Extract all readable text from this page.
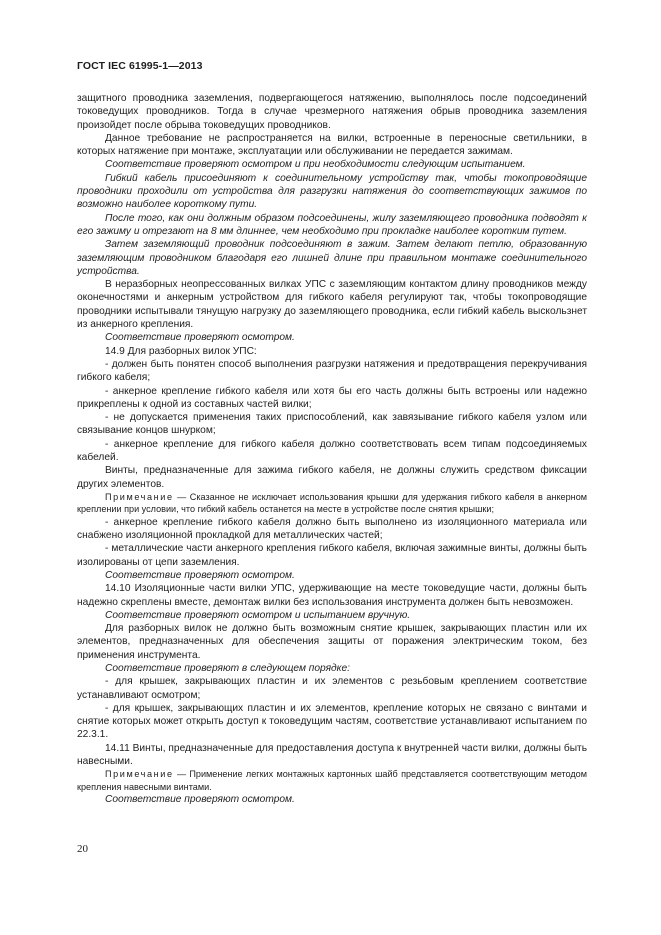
ГОСТ IEC 61995-1—2013

защитного проводника заземления, подвергающегося натяжению, выполнялось после подсоединений токоведущих проводников. Тогда в случае чрезмерного натяжения обрыв проводника заземления произойдет после обрыва токоведущих проводников.

Данное требование не распространяется на вилки, встроенные в переносные светильники, в которых натяжение при монтаже, эксплуатации или обслуживании не передается зажимам.

Соответствие проверяют осмотром и при необходимости следующим испытанием.

Гибкий кабель присоединяют к соединительному устройству так, чтобы токопроводящие проводники проходили от устройства для разгрузки натяжения до соответствующих зажимов по возможно наиболее короткому пути.

После того, как они должным образом подсоединены, жилу заземляющего проводника подводят к его зажиму и отрезают на 8 мм длиннее, чем необходимо при прокладке наиболее коротким путем.

Затем заземляющий проводник подсоединяют в зажим. Затем делают петлю, образованную заземляющим проводником благодаря его лишней длине при правильном монтаже соединительного устройства.

В неразборных неопрессованных вилках УПС с заземляющим контактом длину проводников между оконечностями и анкерным устройством для гибкого кабеля регулируют так, чтобы токопроводящие проводники испытывали тянущую нагрузку до заземляющего проводника, если гибкий кабель выскользнет из анкерного крепления.

Соответствие проверяют осмотром.

14.9 Для разборных вилок УПС:

- должен быть понятен способ выполнения разгрузки натяжения и предотвращения перекручивания гибкого кабеля;

- анкерное крепление гибкого кабеля или хотя бы его часть должны быть встроены или надежно прикреплены к одной из составных частей вилки;

- не допускается применения таких приспособлений, как завязывание гибкого кабеля узлом или связывание концов шнурком;

- анкерное крепление для гибкого кабеля должно соответствовать всем типам подсоединяемых кабелей.

Винты, предназначенные для зажима гибкого кабеля, не должны служить средством фиксации других элементов.

Примечание — Сказанное не исключает использования крышки для удержания гибкого кабеля в анкерном креплении при условии, что гибкий кабель останется на месте в устройстве после снятия крышки;

- анкерное крепление гибкого кабеля должно быть выполнено из изоляционного материала или снабжено изоляционной прокладкой для металлических частей;

- металлические части анкерного крепления гибкого кабеля, включая зажимные винты, должны быть изолированы от цепи заземления.

Соответствие проверяют осмотром.

14.10 Изоляционные части вилки УПС, удерживающие на месте токоведущие части, должны быть надежно скреплены вместе, демонтаж вилки без использования инструмента должен быть невозможен.

Соответствие проверяют осмотром и испытанием вручную.

Для разборных вилок не должно быть возможным снятие крышек, закрывающих пластин или их элементов, предназначенных для обеспечения защиты от поражения электрическим током, без применения инструмента.

Соответствие проверяют в следующем порядке:

- для крышек, закрывающих пластин и их элементов с резьбовым креплением соответствие устанавливают осмотром;

- для крышек, закрывающих пластин и их элементов, крепление которых не связано с винтами и снятие которых может открыть доступ к токоведущим частям, соответствие устанавливают испытанием по 22.3.1.

14.11 Винты, предназначенные для предоставления доступа к внутренней части вилки, должны быть навесными.

Примечание — Применение легких монтажных картонных шайб представляется соответствующим методом крепления навесными винтами.

Соответствие проверяют осмотром.

20
